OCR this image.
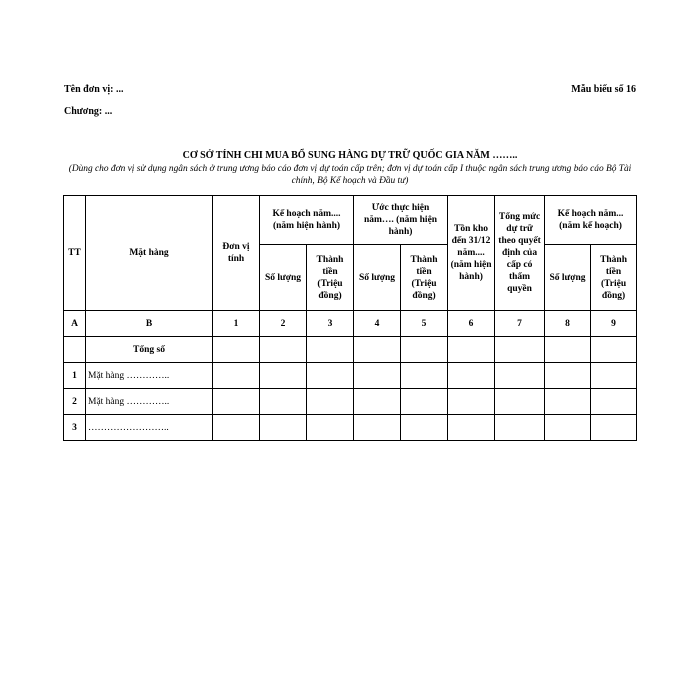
Tên đơn vị: ...
Chương: ...
Mẫu biểu số 16
CƠ SỞ TÍNH CHI MUA BỔ SUNG HÀNG DỰ TRỮ QUỐC GIA NĂM ……..
(Dùng cho đơn vị sử dụng ngân sách ở trung ương báo cáo đơn vị dự toán cấp trên; đơn vị dự toán cấp I thuộc ngân sách trung ương báo cáo Bộ Tài chính, Bộ Kế hoạch và Đầu tư)
TT	Mặt hàng	Đơn vị tính	Kế hoạch năm.... (năm hiện hành)		Ước thực hiện năm…. (năm hiện hành)		Tồn kho đến 31/12 năm.... (năm hiện hành)	Tổng mức dự trữ theo quyết định của cấp có thẩm quyền	Kế hoạch năm... (năm kế hoạch)	
			Số lượng	Thành tiền (Triệu đồng)	Số lượng	Thành tiền (Triệu đồng)			Số lượng	Thành tiền (Triệu đồng)
A	B	1	2	3	4	5	6	7	8	9
	Tổng số									
1	Mặt hàng …………..									
2	Mặt hàng …………..									
3	……………………..									
